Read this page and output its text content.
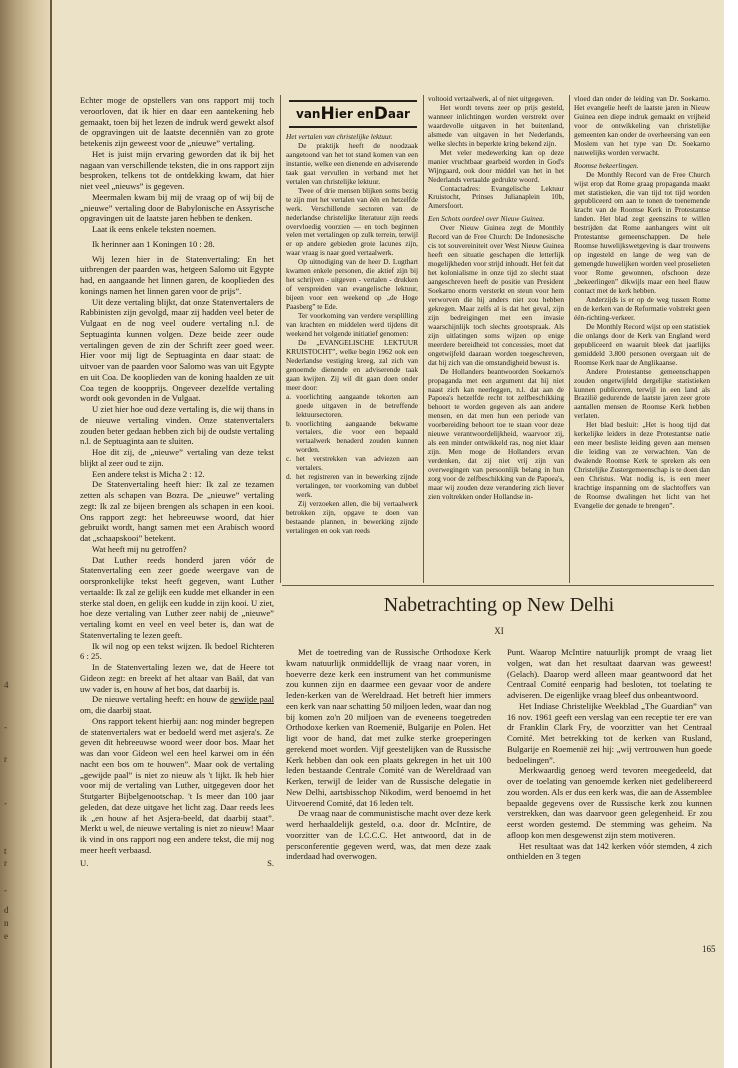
4
-
r
-
t
r
-
d
n
e

Echter moge de opstellers van ons rapport mij toch veroorloven, dat ik hier en daar een aantekening heb gemaakt, toen bij het lezen de indruk werd gewekt alsof de opgravingen uit de laatste decenniën van zo grote betekenis zijn geweest voor de „nieuwe” vertaling.

Het is juist mijn ervaring geworden dat ik bij het nagaan van verschillende teksten, die in ons rapport zijn besproken, telkens tot de ontdekking kwam, dat hier niet veel „nieuws” is gegeven.

Meermalen kwam bij mij de vraag op of wij bij de „nieuwe” vertaling door de Babylonische en Assyrische opgravingen uit de laatste jaren hebben te denken.

Laat ik eens enkele teksten noemen.

Ik herinner aan 1 Koningen 10 : 28.

Wij lezen hier in de Statenvertaling: En het uitbrengen der paarden was, hetgeen Salomo uit Egypte had, en aangaande het linnen garen, de kooplieden des konings namen het linnen garen voor de prijs”.

Uit deze vertaling blijkt, dat onze Statenvertalers de Rabbinisten zijn gevolgd, maar zij hadden veel beter de Vulgaat en de nog veel oudere vertaling n.l. de Septuaginta kunnen volgen. Deze beide zeer oude vertalingen geven de zin der Schrift zeer goed weer. Hier voor mij ligt de Septuaginta en daar staat: de uitvoer van de paarden voor Salomo was van uit Egypte en uit Coa. De kooplieden van de koning haalden ze uit Coa tegen de koopprijs. Ongeveer dezelfde vertaling wordt ook gevonden in de Vulgaat.

U ziet hier hoe oud deze vertaling is, die wij thans in de nieuwe vertaling vinden. Onze statenvertalers zouden beter gedaan hebben zich bij de oudste vertaling n.l. de Septuaginta aan te sluiten.

Hoe dit zij, de „nieuwe” vertaling van deze tekst blijkt al zeer oud te zijn.

Een andere tekst is Micha 2 : 12.

De Statenvertaling heeft hier: Ik zal ze tezamen zetten als schapen van Bozra. De „nieuwe” vertaling zegt: Ik zal ze bijeen brengen als schapen in een kooi. Ons rapport zegt: het hebreeuwse woord, dat hier gebruikt wordt, hangt samen met een Arabisch woord dat „schaapskooi” betekent.

Wat heeft mij nu getroffen?

Dat Luther reeds honderd jaren vóór de Statenvertaling een zeer goede weergave van de oorspronkelijke tekst heeft gegeven, want Luther vertaalde: Ik zal ze gelijk een kudde met elkander in een sterke stal doen, en gelijk een kudde in zijn kooi. U ziet, hoe deze vertaling van Luther zeer nabij de „nieuwe” vertaling komt en veel en veel beter is, dan wat de Statenvertaling te lezen geeft.

Ik wil nog op een tekst wijzen. Ik bedoel Richteren 6 : 25.

In de Statenvertaling lezen we, dat de Heere tot Gideon zegt: en breekt af het altaar van Baäl, dat van uw vader is, en houw af het bos, dat daarbij is.

De nieuwe vertaling heeft: en houw de gewijde paal om, die daarbij staat.

Ons rapport tekent hierbij aan: nog minder begrepen de statenvertalers wat er bedoeld werd met asjera's. Ze geven dit hebreeuwse woord weer door bos. Maar het was dan voor Gideon wel een heel karwei om in één nacht een bos om te houwen”. Maar ook de vertaling „gewijde paal” is niet zo nieuw als 't lijkt. Ik heb hier voor mij de vertaling van Luther, uitgegeven door het Stutgarter Bijbelgenootschap. 't Is meer dan 100 jaar geleden, dat deze uitgave het licht zag. Daar reeds lees ik „en houw af het Asjera-beeld, dat daarbij staat”. Merkt u wel, de nieuwe vertaling is niet zo nieuw! Maar ik vind in ons rapport nog een andere tekst, die mij nog meer heeft verbaasd.

U.	S.
van H ier en D aar

Het vertalen van christelijke lektuur.

De praktijk heeft de noodzaak aangetoond van het tot stand komen van een instantie, welke een dienende en adviserende taak gaat vervullen in verband met het vertalen van christelijke lektuur.

Twee of drie mensen blijken soms bezig te zijn met het vertalen van één en hetzelfde werk. Verschillende sectoren van de nederlandse christelijke literatuur zijn reeds overvloedig voorzien — en toch beginnen velen met vertalingen op zulk terrein, terwijl er op andere gebieden grote lacunes zijn, waar vraag is naar goed vertaalwerk.

Op uitnodiging van de heer D. Lugthart kwamen enkele personen, die aktief zijn bij het schrijven - uitgeven - vertalen - drukken of verspreiden van evangelische lektuur, bijeen voor een weekend op „de Hoge Paasberg” te Ede.

Ter voorkoming van verdere versplilling van krachten en middelen werd tijdens dit weekend het volgende initiatief genomen:

De „EVANGELISCHE LEKTUUR KRUISTOCHT”, welke begin 1962 ook een Nederlandse vestiging kreeg, zal zich van genoemde dienende en adviserende taak gaan kwijten. Zij wil dit gaan doen onder meer door:

a. voorlichting aangaande tekorten aan goede uitgaven in de betreffende lektuursectoren.

b. voorlichting aangaande bekwame vertalers, die voor een bepaald vertaalwerk benaderd zouden kunnen worden.

c. het verstrekken van adviezen aan vertalers.

d. het registreren van in bewerking zijnde vertalingen, ter voorkoming van dubbel werk.

Zij verzoeken allen, die bij vertaalwerk betrokken zijn, opgave te doen van bestaande plannen, in bewerking zijnde vertalingen en ook van reeds

voltooid vertaalwerk, al of niet uitgegeven.

Het wordt tevens zeer op prijs gesteld, wanneer inlichtingen worden verstrekt over waardevolle uitgaven in het buitenland, alsmede van uitgaven in het Nederlands, welke slechts in beperkte kring bekend zijn.

Met veler medewerking kan op deze manier vruchtbaar gearbeid worden in God's Wijngaard, ook door middel van het in het Nederlands vertaalde gedrukte woord.

Contactadres: Evangelische Lektuur Kruistocht, Prinses Julianaplein 10b, Amersfoort.

Een Schots oordeel over Nieuw Guinea.

Over Nieuw Guinea zegt de Monthly Record van de Free Church: De Indonesische cis tot souvereiniteit over West Nieuw Guinea heeft een situatie geschapen die letterlijk mogelijkheden voor strijd inhoudt. Het feit dat het kolonialisme in onze tijd zo slecht staat aangeschreven heeft de positie van President Soekarno enorm versterkt en steun voor hem verworven die hij anders niet zou hebben gekregen. Maar zelfs al is dat het geval, zijn zijn bedreigingen met een invasie waarschijnlijk toch slechts grootspraak. Als zijn uitlatingen soms wijzen op enige meerdere bereidheid tot concessies, moet dat ongetwijfeld daaraan worden toegeschreven, dat hij zich van die omstandigheid bewust is.

De Hollanders beantwoorden Soekarno's propaganda met een argument dat hij niet naast zich kan neerleggen, n.l. dat aan de Papoea's hetzelfde recht tot zelfbeschikking behoort te worden gegeven als aan andere mensen, en dat men hun een periode van voorbereiding behoort toe te staan voor deze nieuwe verantwoordelijkheid, waarvoor zij, als een minder ontwikkeld ras, nog niet klaar zijn. Men moge de Hollanders ervan verdenken, dat zij niet vrij zijn van overwegingen van persoonlijk belang in hun zorg voor de zelfbeschikking van de Papoea's, maar wij zouden deze verandering zich liever zien voltrekken onder Hollandse in-

vloed dan onder de leiding van Dr. Soekarno. Het evangelie heeft de laatste jaren in Nieuw Guinea een diepe indruk gemaakt en vrijheid voor de ontwikkeling van christelijke gemeenten kan onder de overheersing van een Moslem van het type van Dr. Soekarno nauwelijks worden verwacht.

Roomse bekeerlingen.

De Monthly Record van de Free Church wijst erop dat Rome graag propaganda maakt met statistieken, die van tijd tot tijd worden gepubliceerd om aan te tonen de toenemende kracht van de Roomse Kerk in Protestantse landen. Het blad zegt geenszins te willen bestrijden dat Rome aanhangers wint uit Protestantse gemeenschappen. De hele Roomse huwelijkswetgeving is daar trouwens op ingesteld en lange de weg van de gemengde huwelijken worden veel proselieten voor Rome gewonnen, ofschoon deze „bekeerlingen” dikwijls maar een heel flauw contact met de kerk hebben.

Anderzijds is er op de weg tussen Rome en de kerken van de Reformatie volstrekt geen één-richting-verkeer.

De Monthly Record wijst op een statistiek die onlangs door de Kerk van England werd gepubliceerd en waaruit bleek dat jaarlijks gemiddeld 3.800 personen overgaan uit de Roomse Kerk naar de Anglikaanse.

Andere Protestantse gemeenschappen zouden ongetwijfeld dergelijke statistieken kunnen publiceren, terwijl in een land als Brazilië gedurende de laatste jaren zeer grote aantallen mensen de Roomse Kerk hebben verlaten.

Het blad besluit: „Het is hoog tijd dat kerkelijke leiders in deze Protestantse natie een meer besliste leiding geven aan mensen die leiding van ze verwachten. Van de dwalende Roomse Kerk te spreken als een Christelijke Zustergemeenschap is te doen dan een Christus. Wat nodig is, is een meer krachtige inspanning om de slachtoffers van de Roomse dwalingen het licht van het Evangelie der genade te brengen”.

Nabetrachting op New Delhi
XI

Met de toetreding van de Russische Orthodoxe Kerk kwam natuurlijk onmiddellijk de vraag naar voren, in hoeverre deze kerk een instrument van het communisme zou kunnen zijn en daarmee een gevaar voor de andere leden-kerken van de Wereldraad. Het betreft hier immers een kerk van naar schatting 50 miljoen leden, waar dan nog bij komen zo'n 20 miljoen van de eveneens toegetreden Orthodoxe kerken van Roemenië, Bulgarije en Polen. Het ligt voor de hand, dat met zulke sterke groeperingen gerekend moet worden. Vijf geestelijken van de Russische Kerk hebben dan ook een plaats gekregen in het uit 100 leden bestaande Centrale Comité van de Wereldraad van Kerken, terwijl de leider van de Russische delegatie in New Delhi, aartsbisschop Nikodim, werd benoemd in het Uitvoerend Comité, dat 16 leden telt.

De vraag naar de communistische macht over deze kerk werd herhaaldelijk gesteld, o.a. door dr. McIntire, de voorzitter van de I.C.C.C. Het antwoord, dat in de persconferentie gegeven werd, was, dat men deze zaak inderdaad had overwogen.

Punt. Waarop McIntire natuurlijk prompt de vraag liet volgen, wat dan het resultaat daarvan was geweest! (Gelach). Daarop werd alleen maar geantwoord dat het Centraal Comité eenparig had besloten, tot toelating te adviseren. De eigenlijke vraag bleef dus onbeantwoord.

Het Indiase Christelijke Weekblad „The Guardian” van 16 nov. 1961 geeft een verslag van een receptie ter ere van dr Franklin Clark Fry, de voorzitter van het Centraal Comité. Met betrekking tot de kerken van Rusland, Bulgarije en Roemenië zei hij: „wij vertrouwen hun goede bedoelingen”.

Merkwaardig genoeg werd tevoren meegedeeld, dat over de toelating van genoemde kerken niet gedelibereerd zou worden. Als er dus een kerk was, die aan de Assemblee bepaalde gegevens over de Russische kerk zou kunnen verstrekken, dan was daarvoor geen gelegenheid. Er zou eerst worden gestemd. De stemming was geheim. Na afloop kon men desgewenst zijn stem motiveren.

Het resultaat was dat 142 kerken vóór stemden, 4 zich onthielden en 3 tegen

165
